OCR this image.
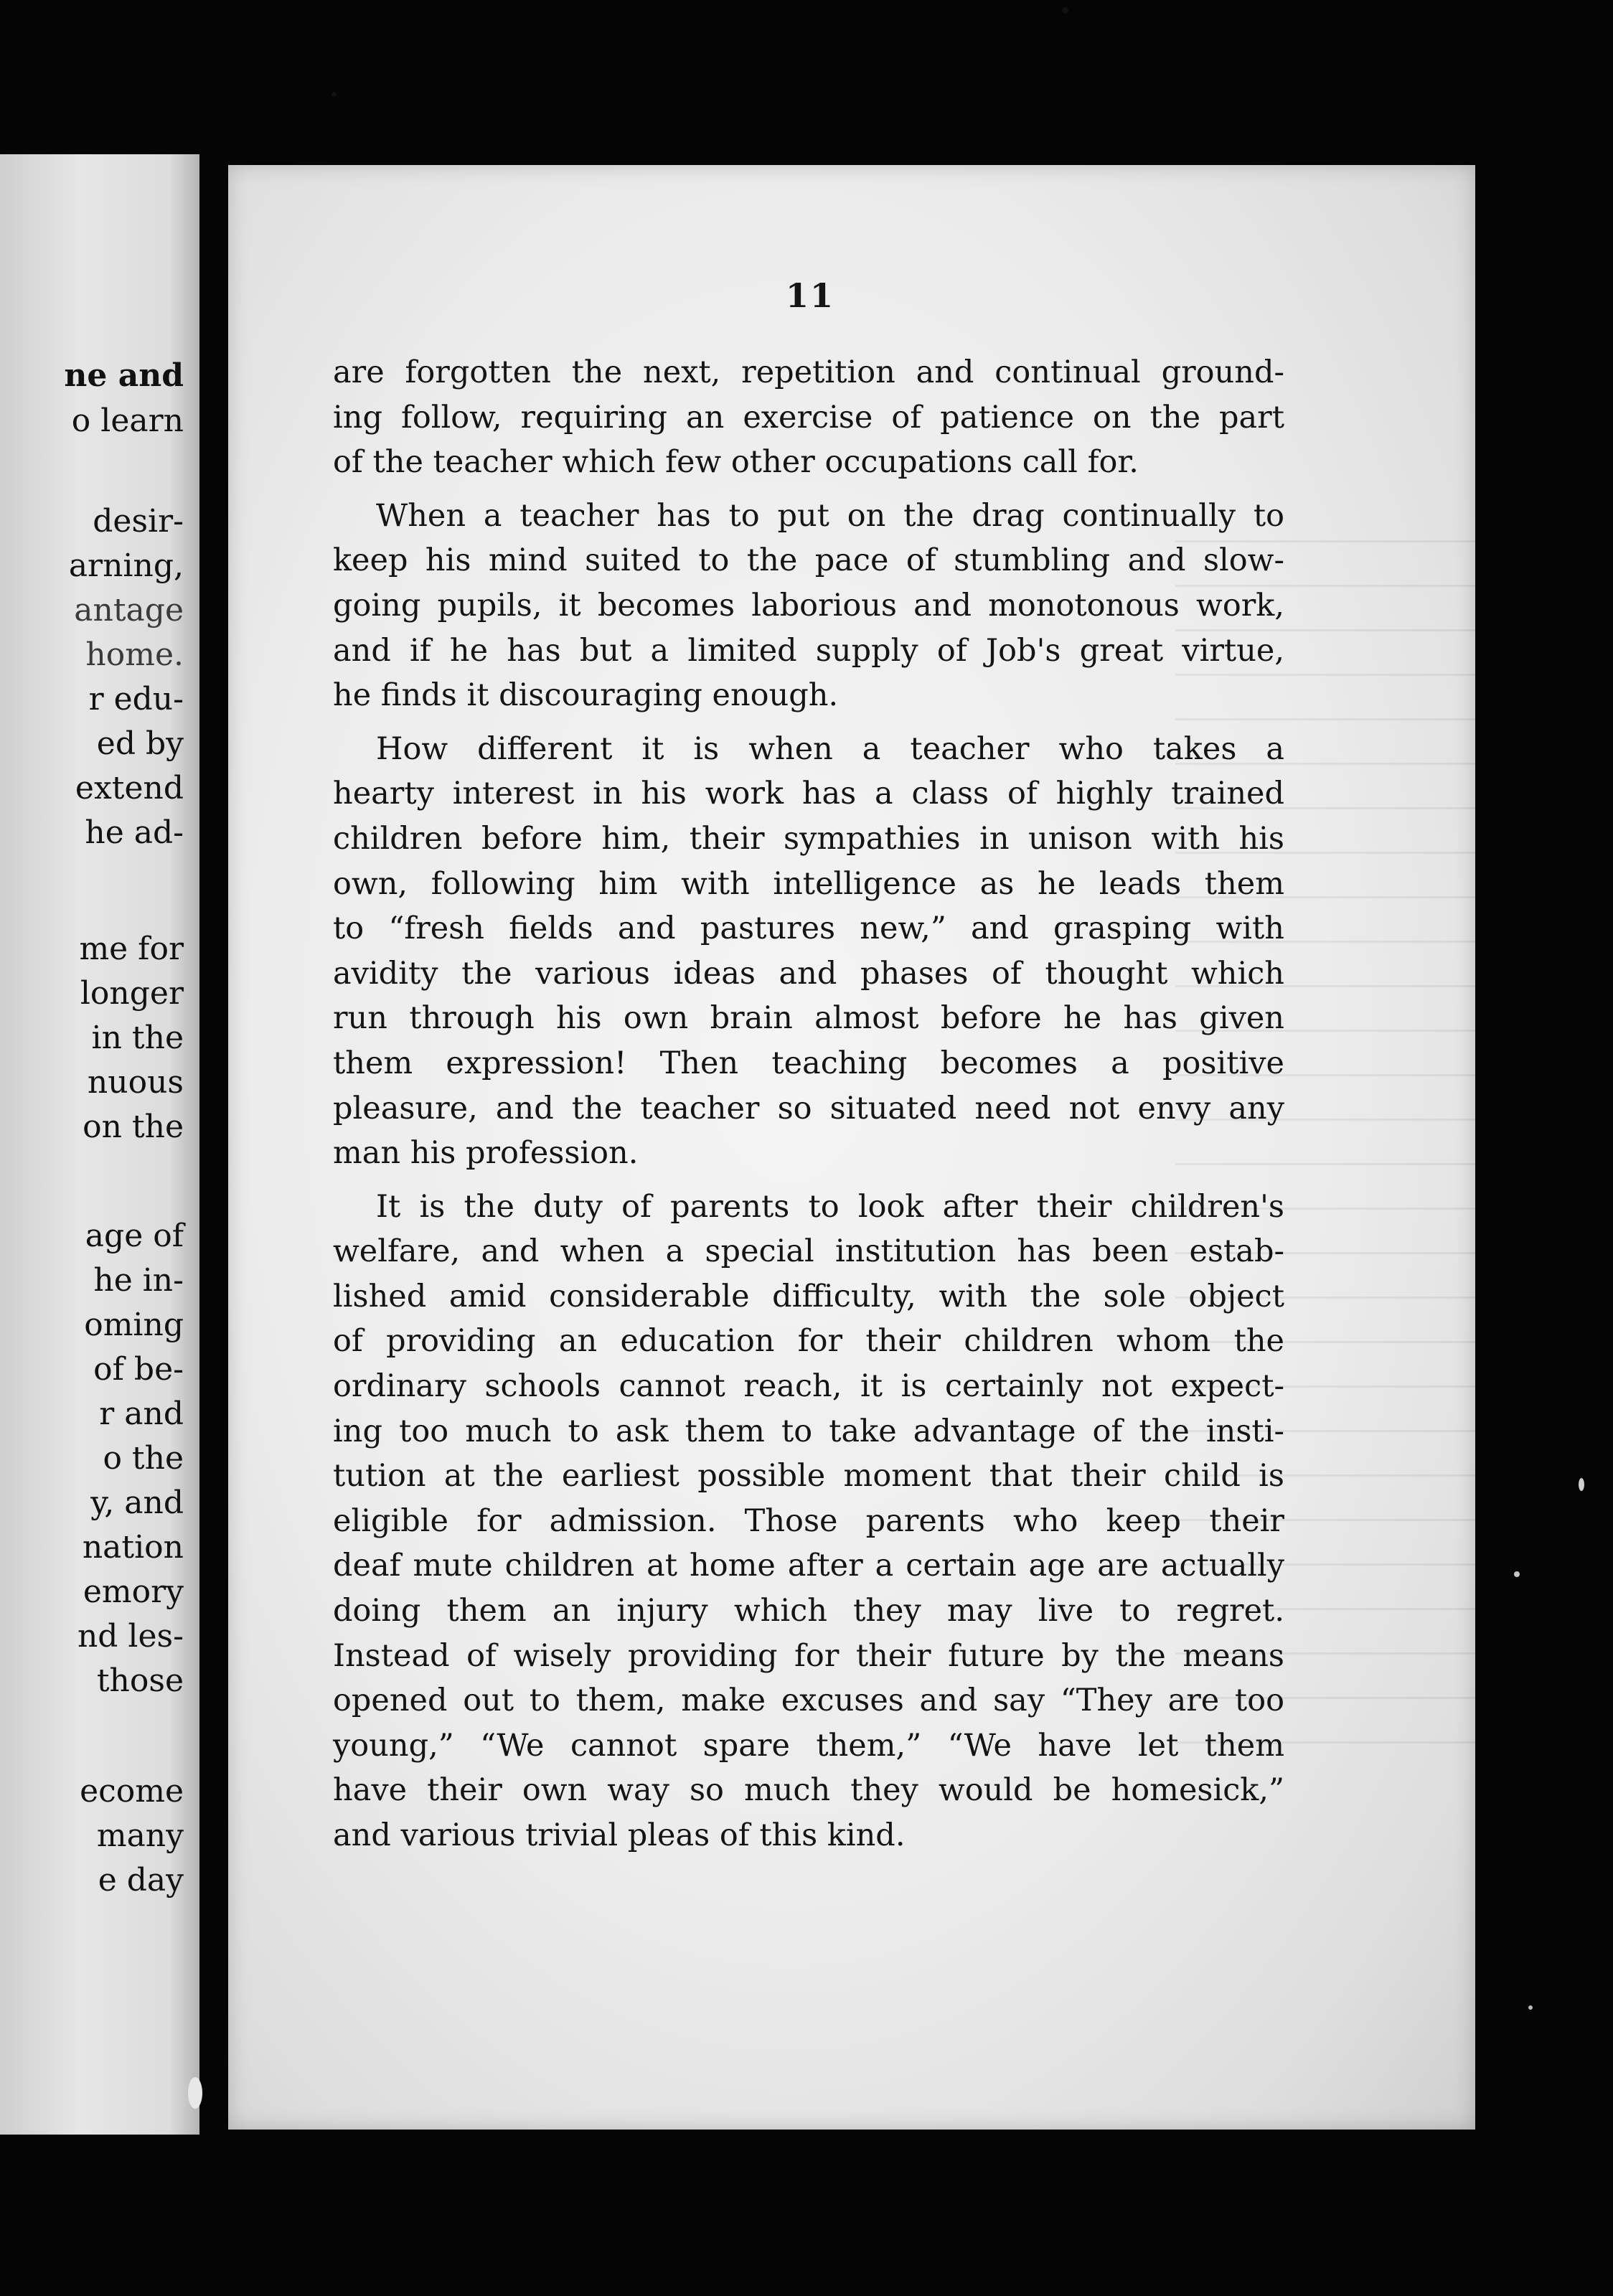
ne and
o learn
desir-
arning,
antage
home.
r edu-
ed by
extend
he ad-
me for
longer
in the
nuous
on the
age of
he in-
oming
of be-
r and
o the
y, and
nation
emory
nd les-
those
ecome
many
e day
11

are forgotten the next, repetition and continual ground-
ing follow, requiring an exercise of patience on the part
of the teacher which few other occupations call for.

When a teacher has to put on the drag continually to
keep his mind suited to the pace of stumbling and slow-
going pupils, it becomes laborious and monotonous work,
and if he has but a limited supply of Job's great virtue,
he finds it discouraging enough.

How different it is when a teacher who takes a
hearty interest in his work has a class of highly trained
children before him, their sympathies in unison with his
own, following him with intelligence as he leads them
to “fresh fields and pastures new,” and grasping with
avidity the various ideas and phases of thought which
run through his own brain almost before he has given
them expression! Then teaching becomes a positive
pleasure, and the teacher so situated need not envy any
man his profession.

It is the duty of parents to look after their children's
welfare, and when a special institution has been estab-
lished amid considerable difficulty, with the sole object
of providing an education for their children whom the
ordinary schools cannot reach, it is certainly not expect-
ing too much to ask them to take advantage of the insti-
tution at the earliest possible moment that their child is
eligible for admission. Those parents who keep their
deaf mute children at home after a certain age are actually
doing them an injury which they may live to regret.
Instead of wisely providing for their future by the means
opened out to them, make excuses and say “They are too
young,” “We cannot spare them,” “We have let them
have their own way so much they would be homesick,”
and various trivial pleas of this kind.
